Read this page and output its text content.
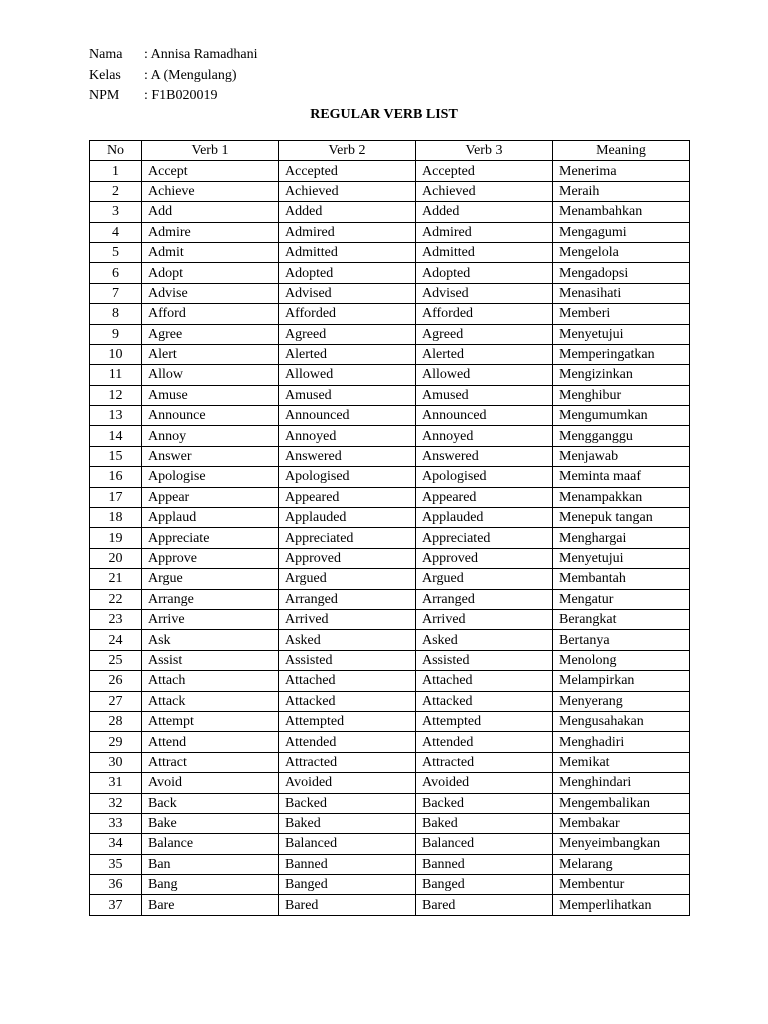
Nama	: Annisa Ramadhani
Kelas	: A (Mengulang)
NPM	: F1B020019
REGULAR VERB LIST
No	Verb 1	Verb 2	Verb 3	Meaning
1	Accept	Accepted	Accepted	Menerima
2	Achieve	Achieved	Achieved	Meraih
3	Add	Added	Added	Menambahkan
4	Admire	Admired	Admired	Mengagumi
5	Admit	Admitted	Admitted	Mengelola
6	Adopt	Adopted	Adopted	Mengadopsi
7	Advise	Advised	Advised	Menasihati
8	Afford	Afforded	Afforded	Memberi
9	Agree	Agreed	Agreed	Menyetujui
10	Alert	Alerted	Alerted	Memperingatkan
11	Allow	Allowed	Allowed	Mengizinkan
12	Amuse	Amused	Amused	Menghibur
13	Announce	Announced	Announced	Mengumumkan
14	Annoy	Annoyed	Annoyed	Mengganggu
15	Answer	Answered	Answered	Menjawab
16	Apologise	Apologised	Apologised	Meminta maaf
17	Appear	Appeared	Appeared	Menampakkan
18	Applaud	Applauded	Applauded	Menepuk tangan
19	Appreciate	Appreciated	Appreciated	Menghargai
20	Approve	Approved	Approved	Menyetujui
21	Argue	Argued	Argued	Membantah
22	Arrange	Arranged	Arranged	Mengatur
23	Arrive	Arrived	Arrived	Berangkat
24	Ask	Asked	Asked	Bertanya
25	Assist	Assisted	Assisted	Menolong
26	Attach	Attached	Attached	Melampirkan
27	Attack	Attacked	Attacked	Menyerang
28	Attempt	Attempted	Attempted	Mengusahakan
29	Attend	Attended	Attended	Menghadiri
30	Attract	Attracted	Attracted	Memikat
31	Avoid	Avoided	Avoided	Menghindari
32	Back	Backed	Backed	Mengembalikan
33	Bake	Baked	Baked	Membakar
34	Balance	Balanced	Balanced	Menyeimbangkan
35	Ban	Banned	Banned	Melarang
36	Bang	Banged	Banged	Membentur
37	Bare	Bared	Bared	Memperlihatkan
